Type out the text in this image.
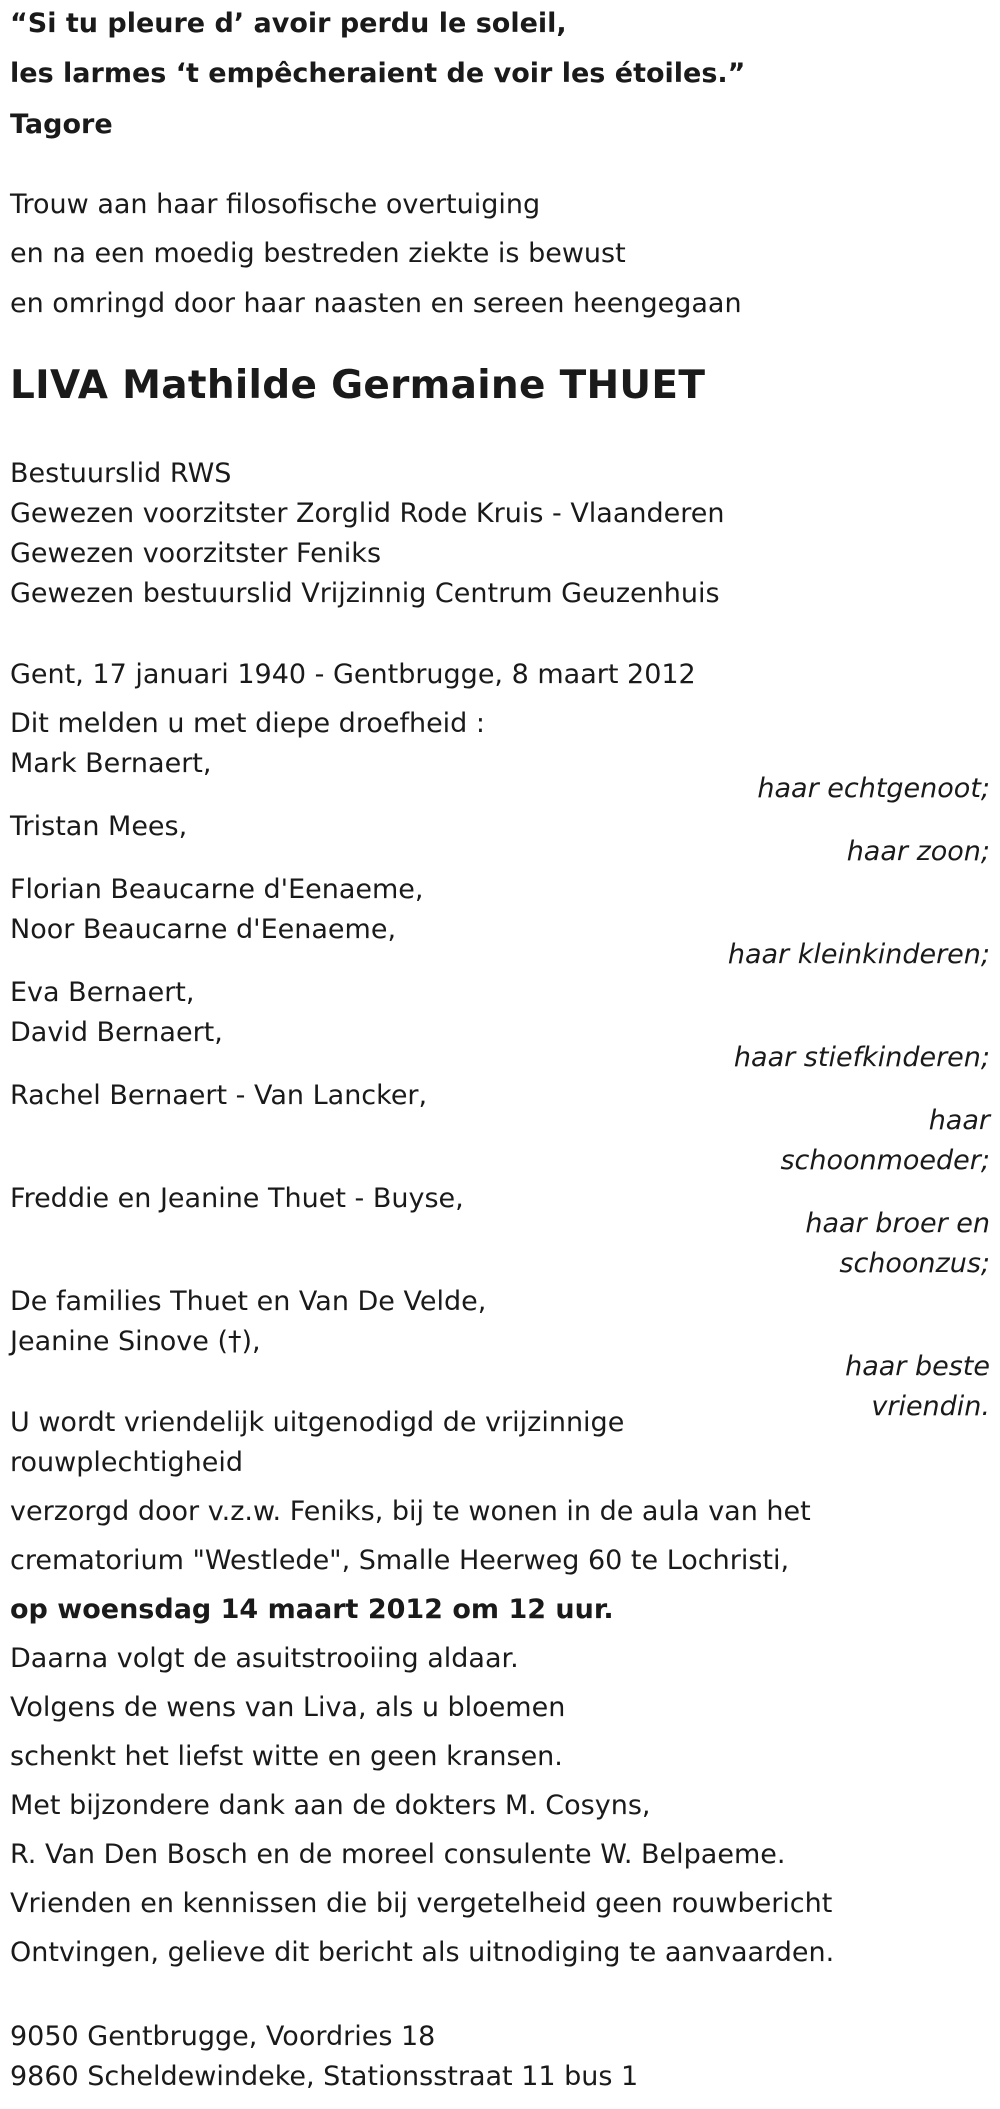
“Si tu pleure d’ avoir perdu le soleil,
les larmes ‘t empêcheraient de voir les étoiles.”
Tagore
Trouw aan haar filosofische overtuiging
en na een moedig bestreden ziekte is bewust
en omringd door haar naasten en sereen heengegaan
LIVA Mathilde Germaine THUET
Bestuurslid RWS
Gewezen voorzitster Zorglid Rode Kruis - Vlaanderen
Gewezen voorzitster Feniks
Gewezen bestuurslid Vrijzinnig Centrum Geuzenhuis
Gent, 17 januari 1940 - Gentbrugge, 8 maart 2012
Dit melden u met diepe droefheid :
Mark Bernaert,
Tristan Mees,
Florian Beaucarne d'Eenaeme,
Noor Beaucarne d'Eenaeme,
Eva Bernaert,
David Bernaert,
Rachel Bernaert - Van Lancker,
Freddie en Jeanine Thuet - Buyse,
De families Thuet en Van De Velde,
Jeanine Sinove (†),
haar echtgenoot;
haar zoon;
haar kleinkinderen;
haar stiefkinderen;
haar
schoonmoeder;
haar broer en
schoonzus;
haar beste
vriendin.
U wordt vriendelijk uitgenodigd de vrijzinnige
rouwplechtigheid
verzorgd door v.z.w. Feniks, bij te wonen in de aula van het
crematorium "Westlede", Smalle Heerweg 60 te Lochristi,
op woensdag 14 maart 2012 om 12 uur.
Daarna volgt de asuitstrooiing aldaar.
Volgens de wens van Liva, als u bloemen
schenkt het liefst witte en geen kransen.
Met bijzondere dank aan de dokters M. Cosyns,
R. Van Den Bosch en de moreel consulente W. Belpaeme.
Vrienden en kennissen die bij vergetelheid geen rouwbericht
Ontvingen, gelieve dit bericht als uitnodiging te aanvaarden.
9050 Gentbrugge, Voordries 18
9860 Scheldewindeke, Stationsstraat 11 bus 1
